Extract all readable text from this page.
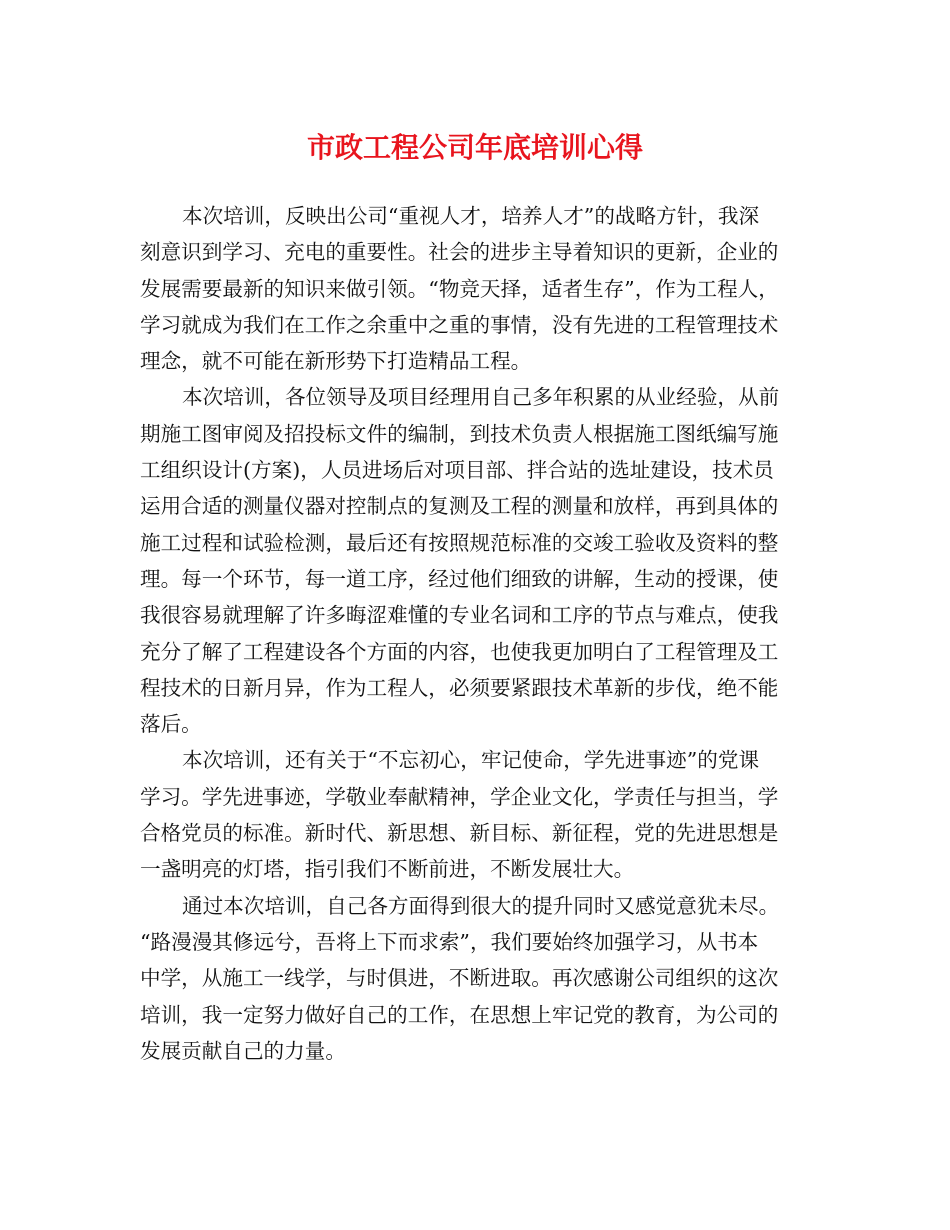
市政工程公司年底培训心得
本次培训，反映出公司“重视人才，培养人才”的战略方针，我深
刻意识到学习、充电的重要性。社会的进步主导着知识的更新，企业的
发展需要最新的知识来做引领。“物竞天择，适者生存”，作为工程人，
学习就成为我们在工作之余重中之重的事情，没有先进的工程管理技术
理念，就不可能在新形势下打造精品工程。
本次培训，各位领导及项目经理用自己多年积累的从业经验，从前
期施工图审阅及招投标文件的编制，到技术负责人根据施工图纸编写施
工组织设计(方案)，人员进场后对项目部、拌合站的选址建设，技术员
运用合适的测量仪器对控制点的复测及工程的测量和放样，再到具体的
施工过程和试验检测，最后还有按照规范标准的交竣工验收及资料的整
理。每一个环节，每一道工序，经过他们细致的讲解，生动的授课，使
我很容易就理解了许多晦涩难懂的专业名词和工序的节点与难点，使我
充分了解了工程建设各个方面的内容，也使我更加明白了工程管理及工
程技术的日新月异，作为工程人，必须要紧跟技术革新的步伐，绝不能
落后。
本次培训，还有关于“不忘初心，牢记使命，学先进事迹”的党课
学习。学先进事迹，学敬业奉献精神，学企业文化，学责任与担当，学
合格党员的标准。新时代、新思想、新目标、新征程，党的先进思想是
一盏明亮的灯塔，指引我们不断前进，不断发展壮大。
通过本次培训，自己各方面得到很大的提升同时又感觉意犹未尽。
“路漫漫其修远兮，吾将上下而求索”，我们要始终加强学习，从书本
中学，从施工一线学，与时俱进，不断进取。再次感谢公司组织的这次
培训，我一定努力做好自己的工作，在思想上牢记党的教育，为公司的
发展贡献自己的力量。
